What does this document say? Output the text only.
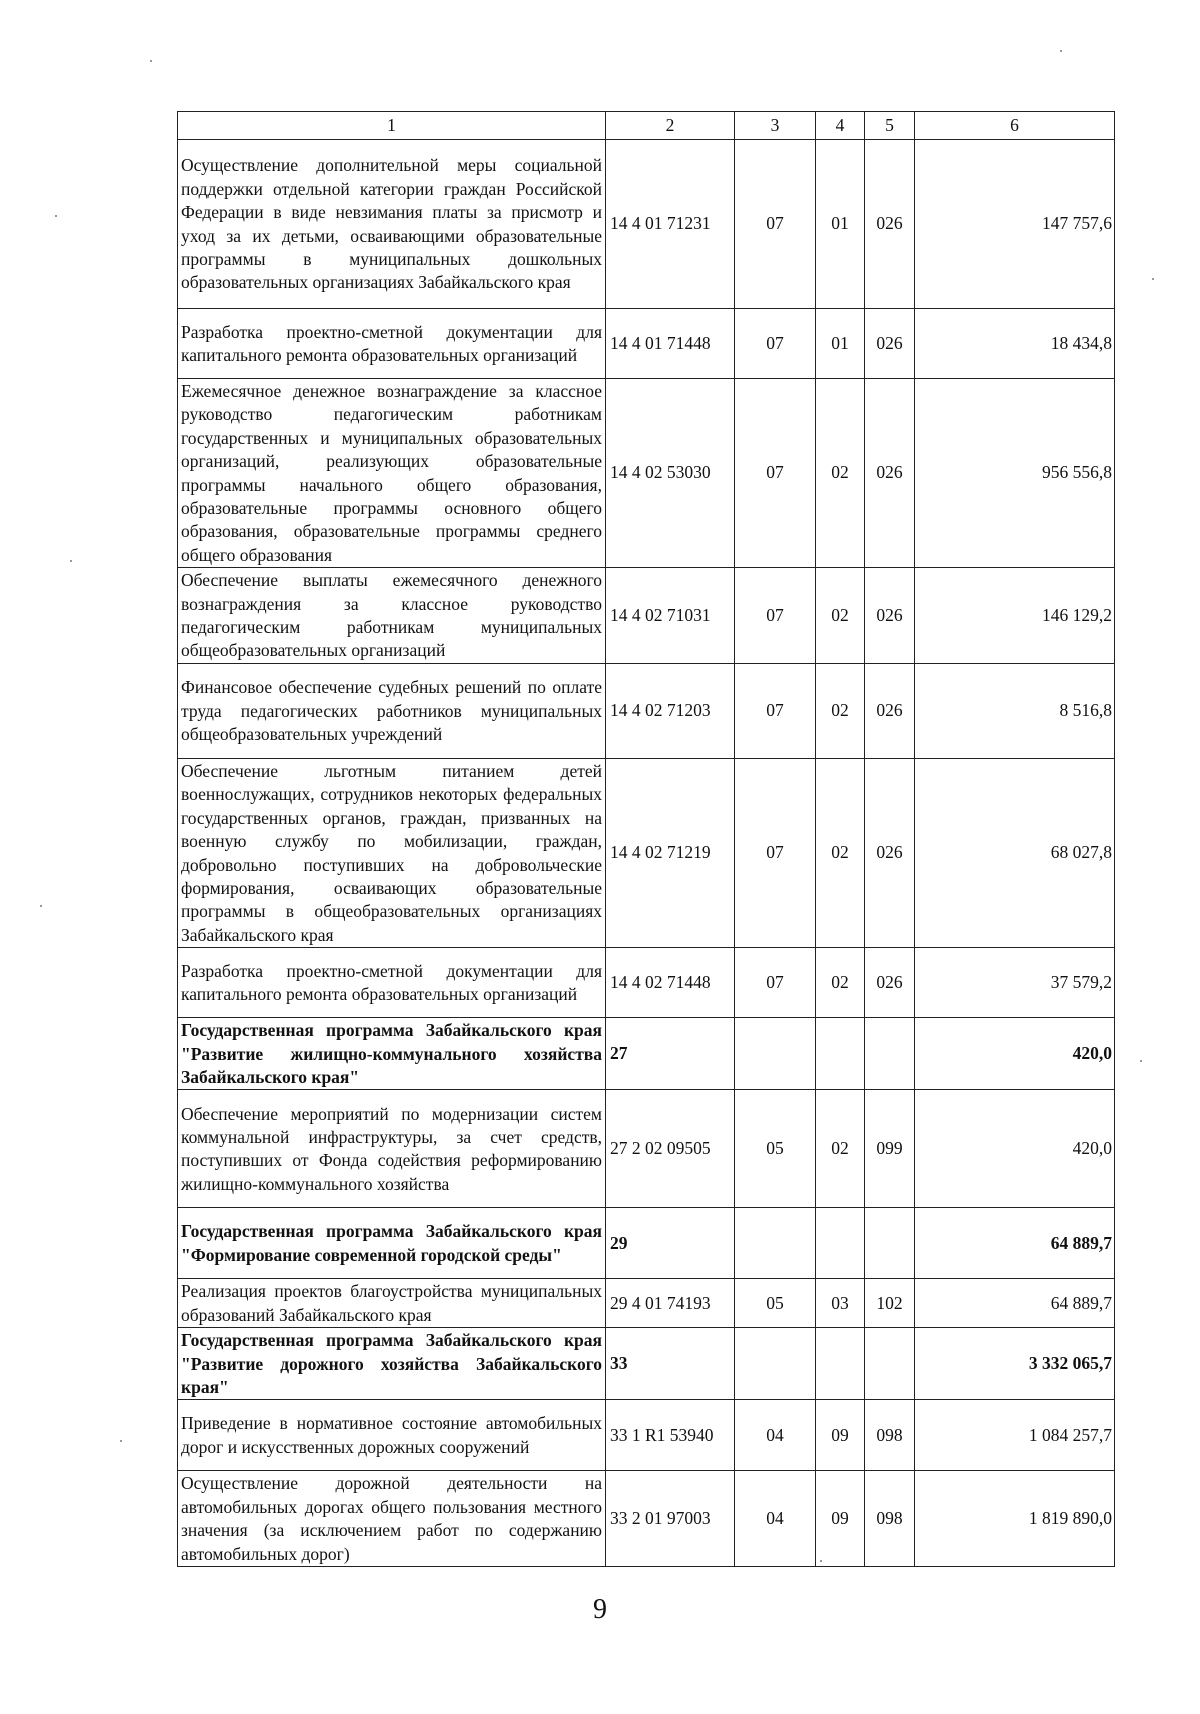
1	2	3	4	5	6
Осуществление дополнительной меры социальной поддержки отдельной категории граждан Российской Федерации в виде невзимания платы за присмотр и уход за их детьми, осваивающими образовательные программы в муниципальных дошкольных образовательных организациях Забайкальского края	14 4 01 71231	07	01	026	147 757,6
Разработка проектно-сметной документации для капитального ремонта образовательных организаций	14 4 01 71448	07	01	026	18 434,8
Ежемесячное денежное вознаграждение за классное руководство педагогическим работникам государственных и муниципальных образовательных организаций, реализующих образовательные программы начального общего образования, образовательные программы основного общего образования, образовательные программы среднего общего образования	14 4 02 53030	07	02	026	956 556,8
Обеспечение выплаты ежемесячного денежного вознаграждения за классное руководство педагогическим работникам муниципальных общеобразовательных организаций	14 4 02 71031	07	02	026	146 129,2
Финансовое обеспечение судебных решений по оплате труда педагогических работников муниципальных общеобразовательных учреждений	14 4 02 71203	07	02	026	8 516,8
Обеспечение льготным питанием детей военнослужащих, сотрудников некоторых федеральных государственных органов, граждан, призванных на военную службу по мобилизации, граждан, добровольно поступивших на добровольческие формирования, осваивающих образовательные программы в общеобразовательных организациях Забайкальского края	14 4 02 71219	07	02	026	68 027,8
Разработка проектно-сметной документации для капитального ремонта образовательных организаций	14 4 02 71448	07	02	026	37 579,2
Государственная программа Забайкальского края "Развитие жилищно-коммунального хозяйства Забайкальского края"	27				420,0
Обеспечение мероприятий по модернизации систем коммунальной инфраструктуры, за счет средств, поступивших от Фонда содействия реформированию жилищно-коммунального хозяйства	27 2 02 09505	05	02	099	420,0
Государственная программа Забайкальского края "Формирование современной городской среды"	29				64 889,7
Реализация проектов благоустройства муниципальных образований Забайкальского края	29 4 01 74193	05	03	102	64 889,7
Государственная программа Забайкальского края "Развитие дорожного хозяйства Забайкальского края"	33				3 332 065,7
Приведение в нормативное состояние автомобильных дорог и искусственных дорожных сооружений	33 1 R1 53940	04	09	098	1 084 257,7
Осуществление дорожной деятельности на автомобильных дорогах общего пользования местного значения (за исключением работ по содержанию автомобильных дорог)	33 2 01 97003	04	09	098	1 819 890,0
9
